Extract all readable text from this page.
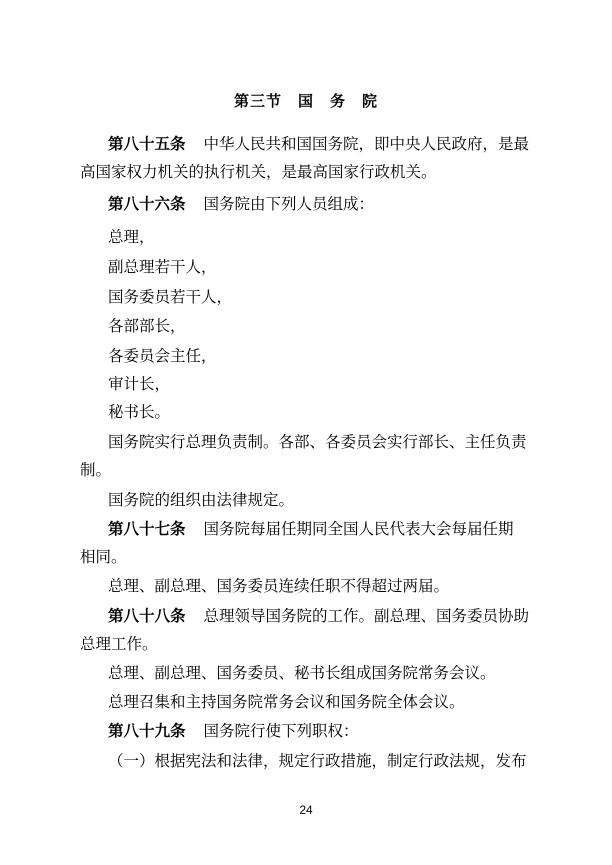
第三节　国　务　院
第八十五条 中华人民共和国国务院，即中央人民政府，是最
高国家权力机关的执行机关，是最高国家行政机关。
第八十六条 国务院由下列人员组成：
总理，
副总理若干人，
国务委员若干人，
各部部长，
各委员会主任，
审计长，
秘书长。
国务院实行总理负责制。各部、各委员会实行部长、主任负责
制。
国务院的组织由法律规定。
第八十七条 国务院每届任期同全国人民代表大会每届任期
相同。
总理、副总理、国务委员连续任职不得超过两届。
第八十八条 总理领导国务院的工作。副总理、国务委员协助
总理工作。
总理、副总理、国务委员、秘书长组成国务院常务会议。
总理召集和主持国务院常务会议和国务院全体会议。
第八十九条 国务院行使下列职权：
（一）根据宪法和法律，规定行政措施，制定行政法规，发布
24
